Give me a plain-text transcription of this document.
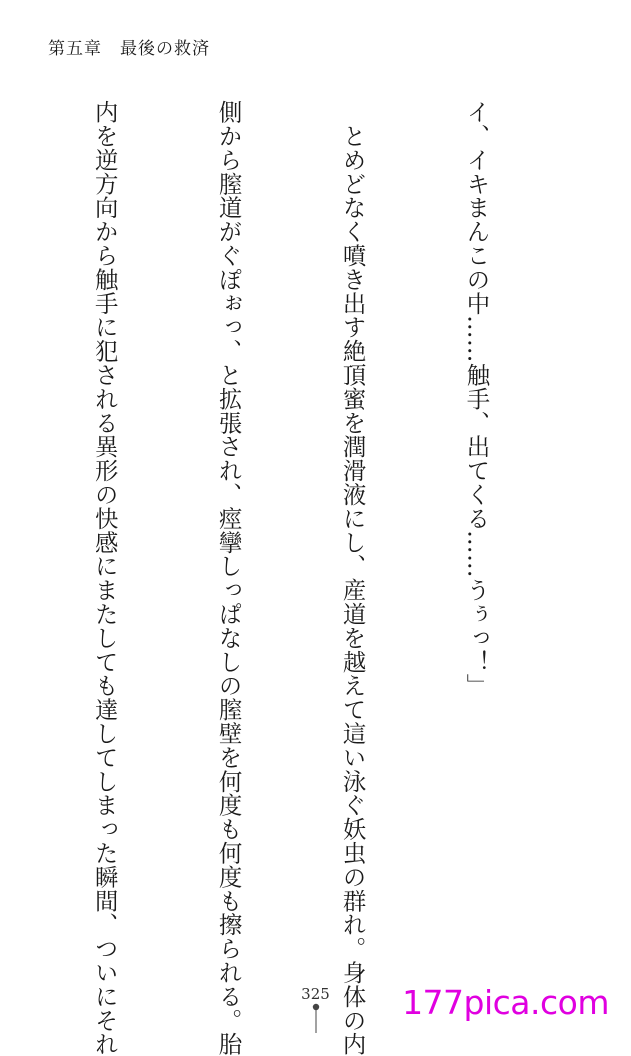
第五章　最後の救済

イ、イキまんこの中……触手、出てくる……うぅっ！」

　とめどなく噴き出す絶頂蜜を潤滑液にし、産道を越えて這い泳ぐ妖虫の群れ。身体の内

側から膣道がぐぽぉっ、と拡張され、痙攣しっぱなしの膣壁を何度も何度も擦られる。胎

内を逆方向から触手に犯される異形の快感にまたしても達してしまった瞬間、ついにそれ

	325	177pica.com
